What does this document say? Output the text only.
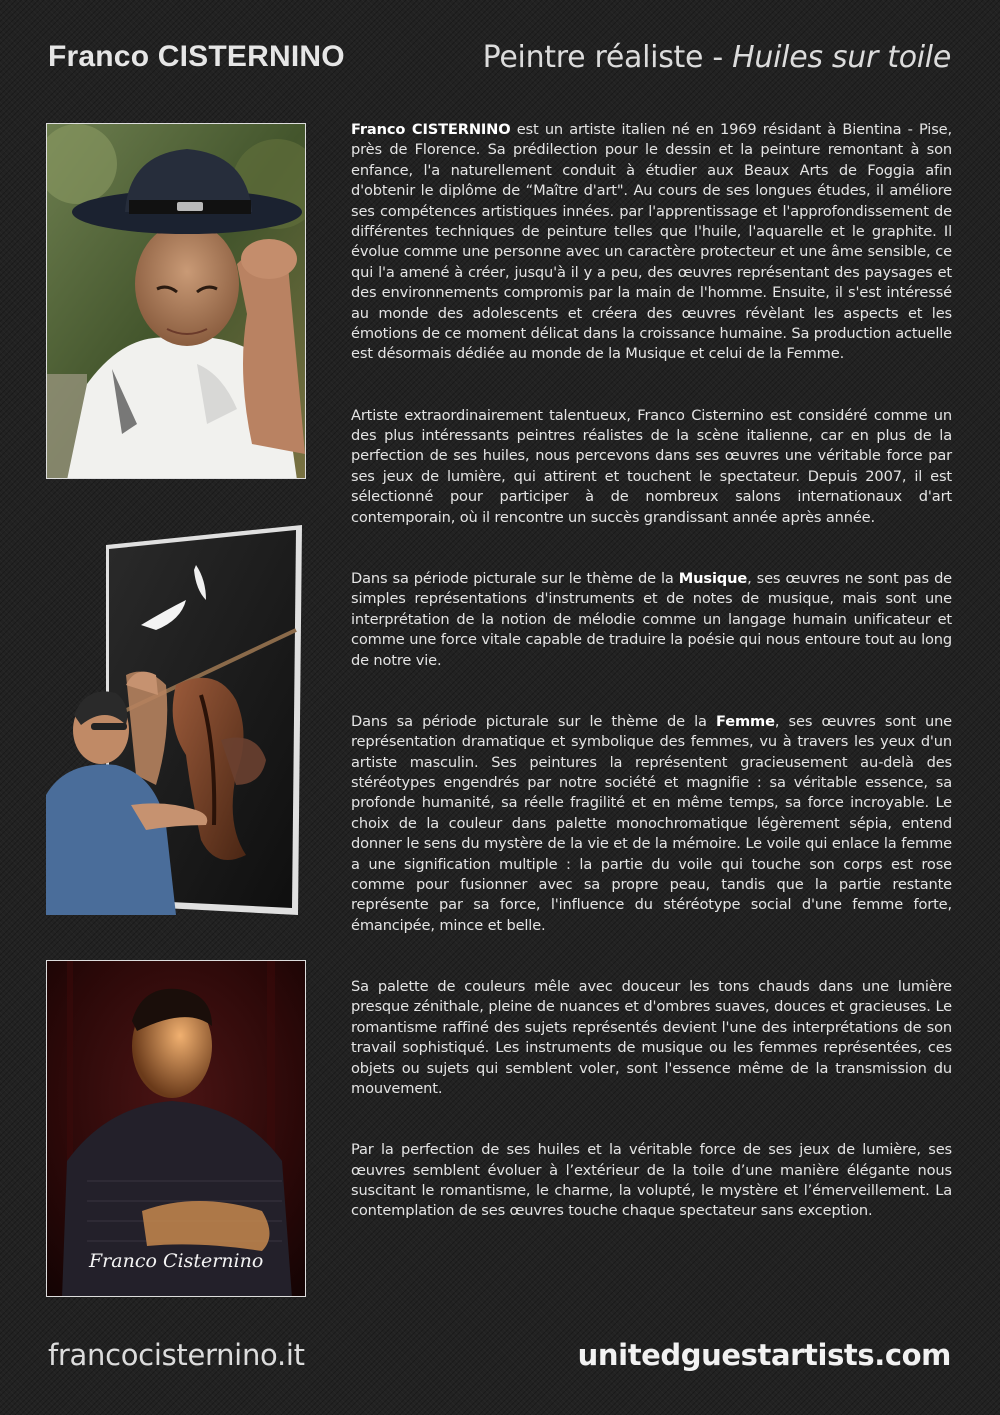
Franco CISTERNINO	Peintre réaliste - Huiles sur toile
Franco Cisternino

Franco CISTERNINO est un artiste italien né en 1969 résidant à Bientina - Pise, près de Florence. Sa prédilection pour le dessin et la peinture remontant à son enfance, l'a naturellement conduit à étudier aux Beaux Arts de Foggia afin d'obtenir le diplôme de “Maître d'art". Au cours de ses longues études, il améliore ses compétences artistiques innées. par l'apprentissage et l'approfondissement de différentes techniques de peinture telles que l'huile, l'aquarelle et le graphite. Il évolue comme une personne avec un caractère protecteur et une âme sensible, ce qui l'a amené à créer, jusqu'à il y a peu, des œuvres représentant des paysages et des environnements compromis par la main de l'homme. Ensuite, il s'est intéressé au monde des adolescents et créera des œuvres révèlant les aspects et les émotions de ce moment délicat dans la croissance humaine. Sa production actuelle est désormais dédiée au monde de la Musique et celui de la Femme.

Artiste extraordinairement talentueux, Franco Cisternino est considéré comme un des plus intéressants peintres réalistes de la scène italienne, car en plus de la perfection de ses huiles, nous percevons dans ses œuvres une véritable force par ses jeux de lumière, qui attirent et touchent le spectateur. Depuis 2007, il est sélectionné pour participer à de nombreux salons internationaux d'art contemporain, où il rencontre un succès grandissant année après année.

Dans sa période picturale sur le thème de la Musique, ses œuvres ne sont pas de simples représentations d'instruments et de notes de musique, mais sont une interprétation de la notion de mélodie comme un langage humain unificateur et comme une force vitale capable de traduire la poésie qui nous entoure tout au long de notre vie.

Dans sa période picturale sur le thème de la Femme, ses œuvres sont une représentation dramatique et symbolique des femmes, vu à travers les yeux d'un artiste masculin. Ses peintures la représentent gracieusement au-delà des stéréotypes engendrés par notre société et magnifie : sa véritable essence, sa profonde humanité, sa réelle fragilité et en même temps, sa force incroyable. Le choix de la couleur dans palette monochromatique légèrement sépia, entend donner le sens du mystère de la vie et de la mémoire. Le voile qui enlace la femme a une signification multiple : la partie du voile qui touche son corps est rose comme pour fusionner avec sa propre peau, tandis que la partie restante représente par sa force, l'influence du stéréotype social d'une femme forte, émancipée, mince et belle.

Sa palette de couleurs mêle avec douceur les tons chauds dans une lumière presque zénithale, pleine de nuances et d'ombres suaves, douces et gracieuses. Le romantisme raffiné des sujets représentés devient l'une des interprétations de son travail sophistiqué. Les instruments de musique ou les femmes représentées, ces objets ou sujets qui semblent voler, sont l'essence même de la transmission du mouvement.

Par la perfection de ses huiles et la véritable force de ses jeux de lumière, ses œuvres semblent évoluer à l’extérieur de la toile d’une manière élégante nous suscitant le romantisme, le charme, la volupté, le mystère et l’émerveillement. La contemplation de ses œuvres touche chaque spectateur sans exception.

francocisternino.it	unitedguestartists.com
